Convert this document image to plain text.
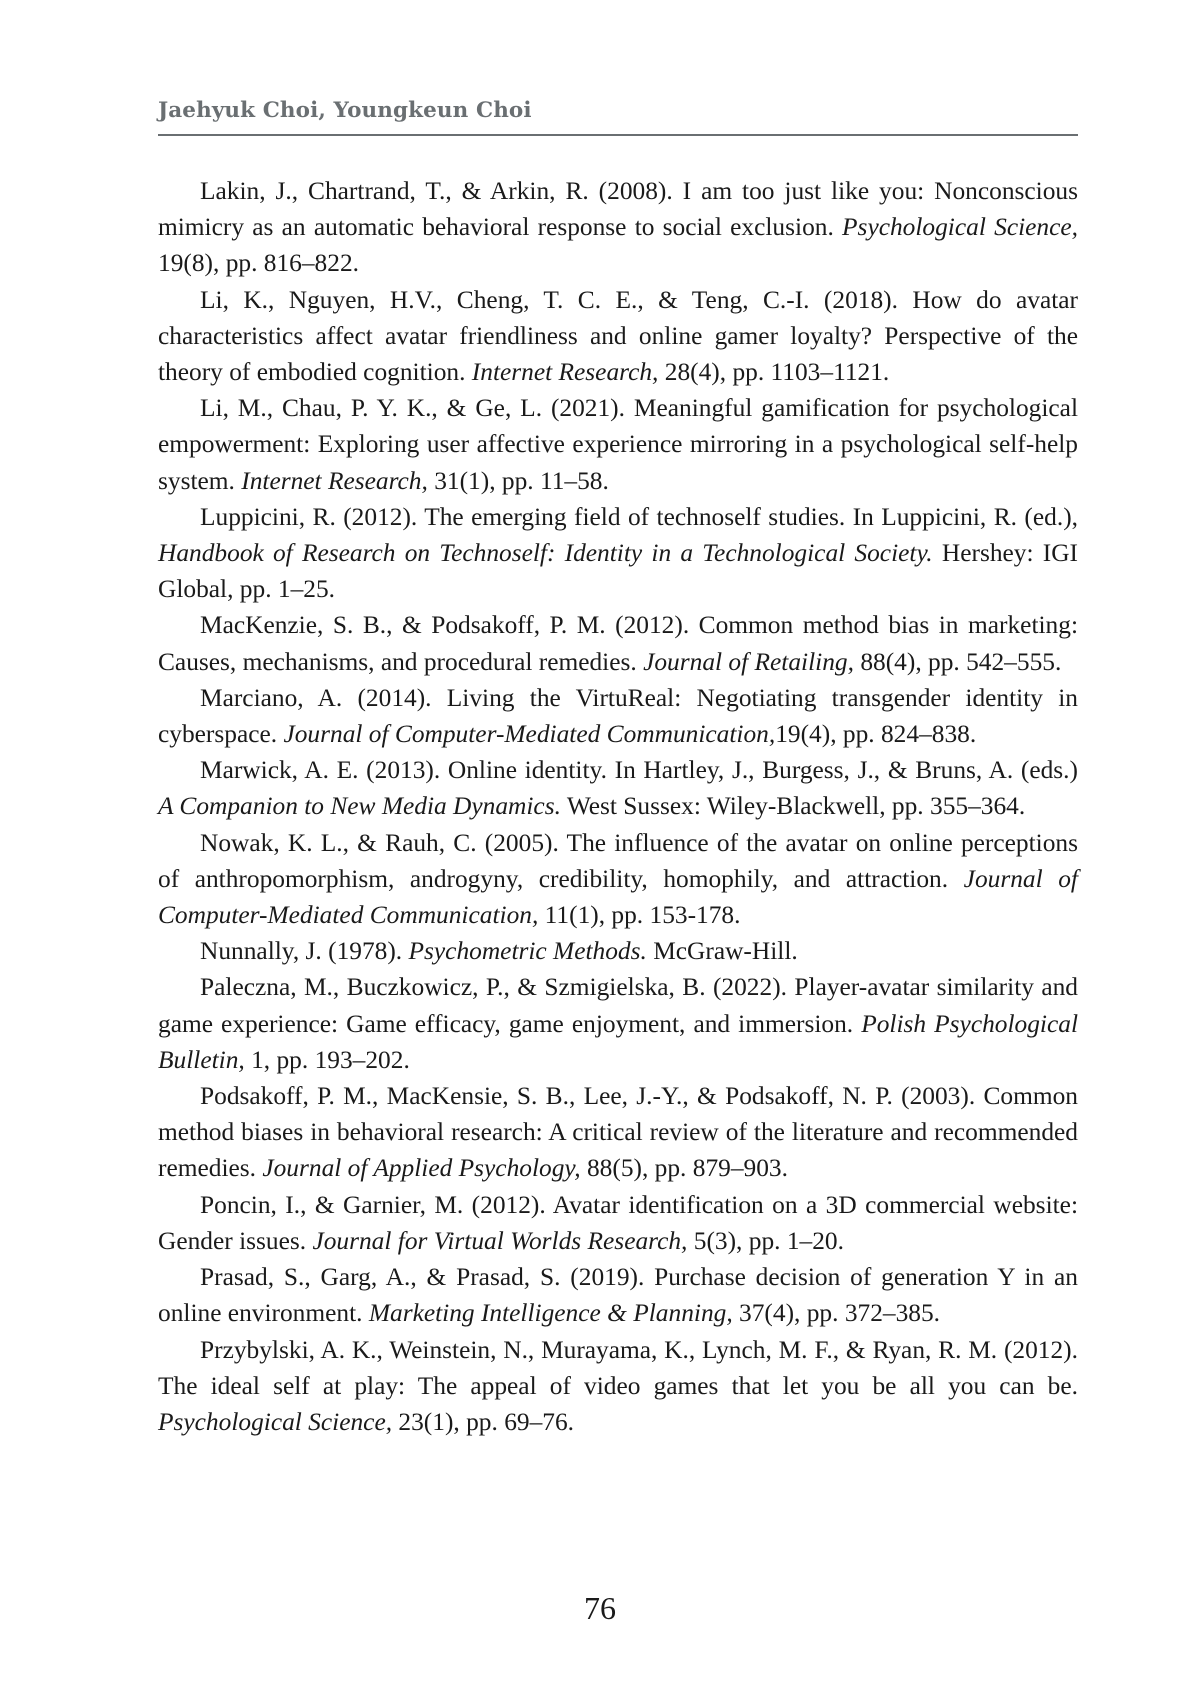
Jaehyuk Choi, Youngkeun Choi

Lakin, J., Chartrand, T., & Arkin, R. (2008). I am too just like you: Nonconscious mimicry as an automatic behavioral response to social exclusion. Psychological Science, 19(8), pp. 816–822.

Li, K., Nguyen, H.V., Cheng, T. C. E., & Teng, C.-I. (2018). How do avatar characteristics affect avatar friendliness and online gamer loyalty? Perspective of the theory of embodied cognition. Internet Research, 28(4), pp. 1103–1121.

Li, M., Chau, P. Y. K., & Ge, L. (2021). Meaningful gamification for psychological empowerment: Exploring user affective experience mirroring in a psychological self-help system. Internet Research, 31(1), pp. 11–58.

Luppicini, R. (2012). The emerging field of technoself studies. In Luppicini, R. (ed.), Handbook of Research on Technoself: Identity in a Technological Society. Hershey: IGI Global, pp. 1–25.

MacKenzie, S. B., & Podsakoff, P. M. (2012). Common method bias in marketing: Causes, mechanisms, and procedural remedies. Journal of Retailing, 88(4), pp. 542–555.

Marciano, A. (2014). Living the VirtuReal: Negotiating transgender identity in cyberspace. Journal of Computer-Mediated Communication,19(4), pp. 824–838.

Marwick, A. E. (2013). Online identity. In Hartley, J., Burgess, J., & Bruns, A. (eds.) A Companion to New Media Dynamics. West Sussex: Wiley-Blackwell, pp. 355–364.

Nowak, K. L., & Rauh, C. (2005). The influence of the avatar on online perceptions of anthropomorphism, androgyny, credibility, homophily, and attraction. Journal of Computer-Mediated Communication, 11(1), pp. 153-178.

Nunnally, J. (1978). Psychometric Methods. McGraw-Hill.

Paleczna, M., Buczkowicz, P., & Szmigielska, B. (2022). Player-avatar similarity and game experience: Game efficacy, game enjoyment, and immersion. Polish Psychological Bulletin, 1, pp. 193–202.

Podsakoff, P. M., MacKensie, S. B., Lee, J.-Y., & Podsakoff, N. P. (2003). Common method biases in behavioral research: A critical review of the literature and recommended remedies. Journal of Applied Psychology, 88(5), pp. 879–903.

Poncin, I., & Garnier, M. (2012). Avatar identification on a 3D commercial website: Gender issues. Journal for Virtual Worlds Research, 5(3), pp. 1–20.

Prasad, S., Garg, A., & Prasad, S. (2019). Purchase decision of generation Y in an online environment. Marketing Intelligence & Planning, 37(4), pp. 372–385.

Przybylski, A. K., Weinstein, N., Murayama, K., Lynch, M. F., & Ryan, R. M. (2012). The ideal self at play: The appeal of video games that let you be all you can be. Psychological Science, 23(1), pp. 69–76.

76
